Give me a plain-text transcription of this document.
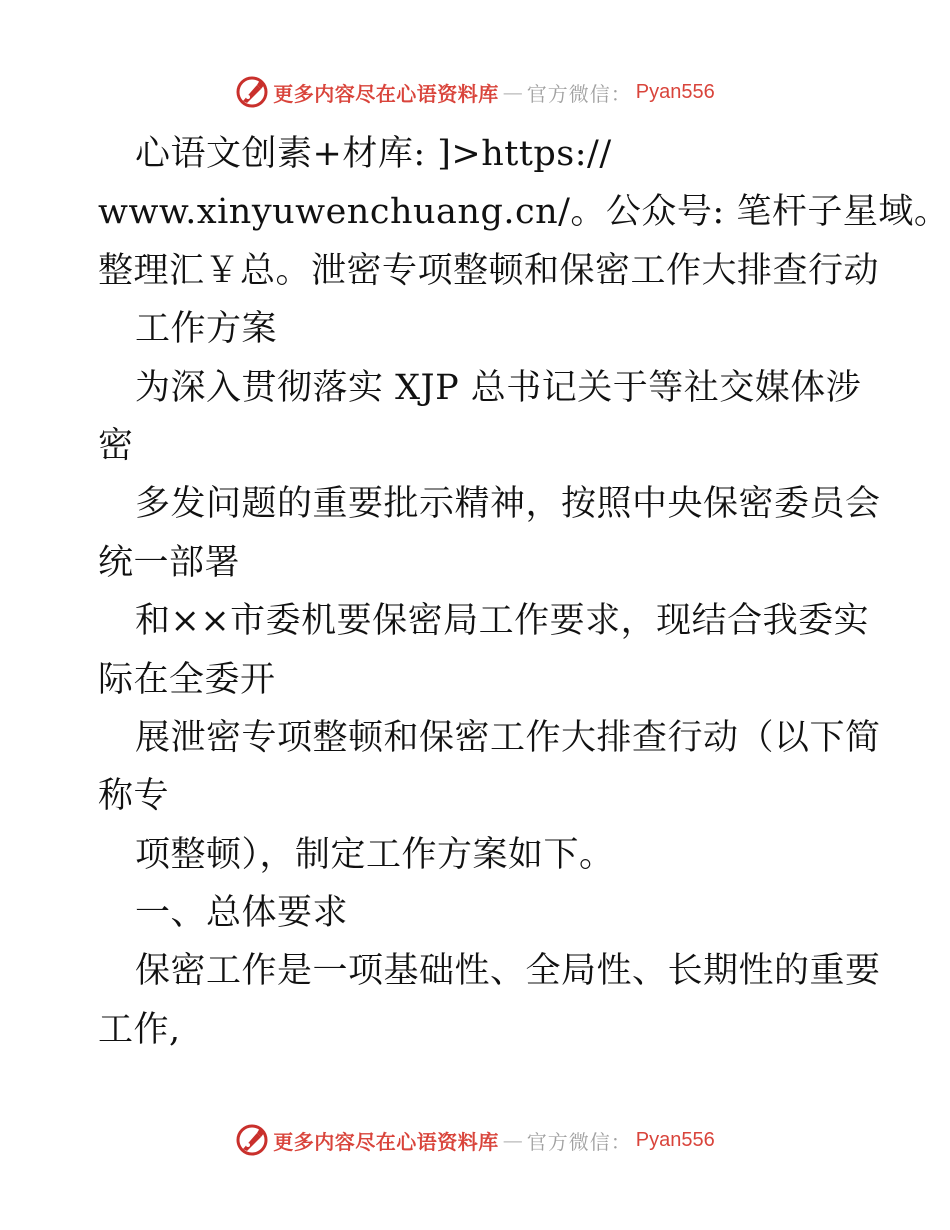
更多内容尽在心语资料库 — 官方微信： Pyan556
心语文创素+材库: ]>https://
www.xinyuwenchuang.cn/。公众号: 笔杆子星域。
整理汇￥总。泄密专项整顿和保密工作大排查行动
工作方案
为深入贯彻落实 XJP 总书记关于等社交媒体涉
密
多发问题的重要批示精神，按照中央保密委员会
统一部署
和××市委机要保密局工作要求，现结合我委实
际在全委开
展泄密专项整顿和保密工作大排查行动（以下简
称专
项整顿），制定工作方案如下。
一、总体要求
保密工作是一项基础性、全局性、长期性的重要
工作,
更多内容尽在心语资料库 — 官方微信： Pyan556
